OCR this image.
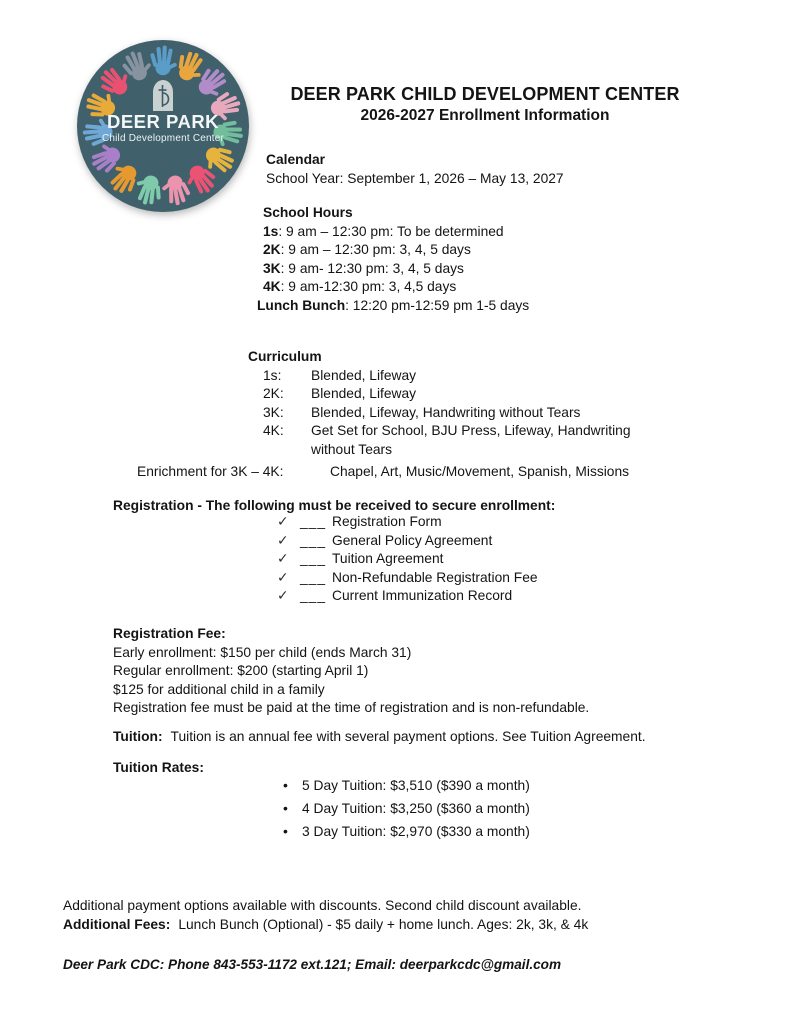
DEER PARK
Child Development Center
DEER PARK CHILD DEVELOPMENT CENTER
2026-2027 Enrollment Information
Calendar
School Year: September 1, 2026 – May 13, 2027
School Hours
1s: 9 am – 12:30 pm: To be determined
2K: 9 am – 12:30 pm: 3, 4, 5 days
3K: 9 am- 12:30 pm: 3, 4, 5 days
4K: 9 am-12:30 pm: 3, 4,5 days
Lunch Bunch: 12:20 pm-12:59 pm 1-5 days
Curriculum
1s:	Blended, Lifeway
2K:	Blended, Lifeway
3K:	Blended, Lifeway, Handwriting without Tears
4K:	Get Set for School, BJU Press, Lifeway, Handwriting without Tears
Enrichment for 3K – 4K:	Chapel, Art, Music/Movement, Spanish, Missions
Registration - The following must be received to secure enrollment:
✓ ___ Registration Form
✓ ___ General Policy Agreement
✓ ___ Tuition Agreement
✓ ___ Non-Refundable Registration Fee
✓ ___ Current Immunization Record
Registration Fee:
Early enrollment: $150 per child (ends March 31)
Regular enrollment: $200 (starting April 1)
$125 for additional child in a family
Registration fee must be paid at the time of registration and is non-refundable.
Tuition: Tuition is an annual fee with several payment options. See Tuition Agreement.
Tuition Rates:
•	5 Day Tuition: $3,510 ($390 a month)
•	4 Day Tuition: $3,250 ($360 a month)
•	3 Day Tuition: $2,970 ($330 a month)
Additional payment options available with discounts. Second child discount available.
Additional Fees: Lunch Bunch (Optional) - $5 daily + home lunch. Ages: 2k, 3k, & 4k
Deer Park CDC: Phone 843-553-1172 ext.121; Email: deerparkcdc@gmail.com
